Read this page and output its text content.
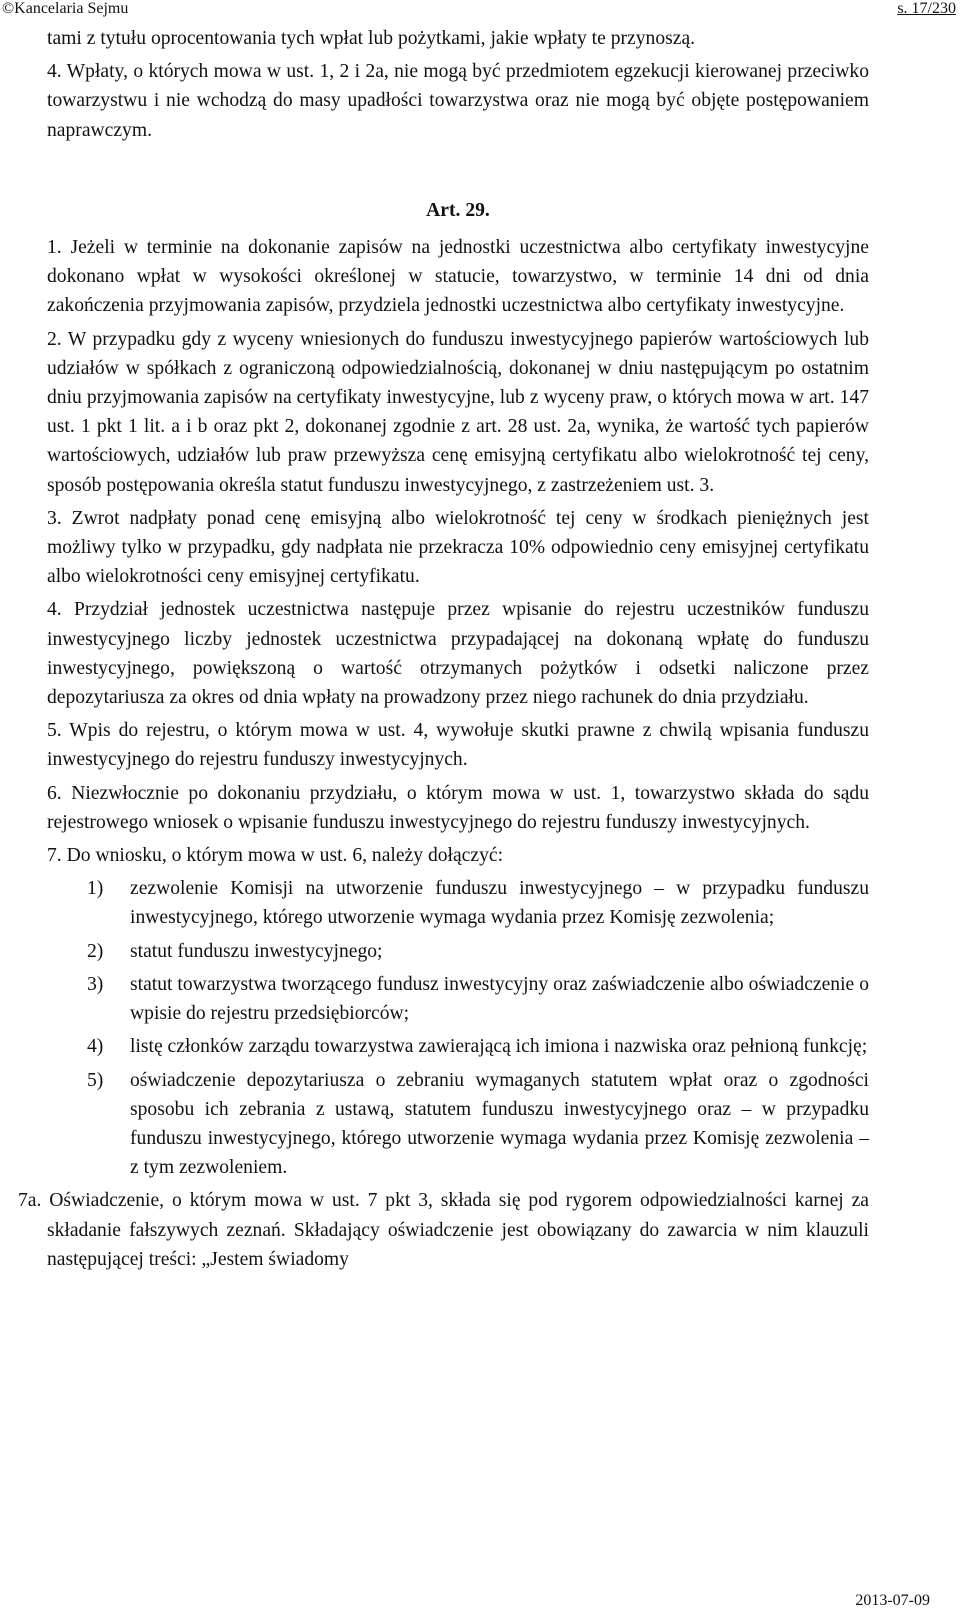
©Kancelaria Sejmu	s. 17/230

tami z tytułu oprocentowania tych wpłat lub pożytkami, jakie wpłaty te przynoszą.

4. Wpłaty, o których mowa w ust. 1, 2 i 2a, nie mogą być przedmiotem egzekucji kierowanej przeciwko towarzystwu i nie wchodzą do masy upadłości towarzystwa oraz nie mogą być objęte postępowaniem naprawczym.

Art. 29.

1. Jeżeli w terminie na dokonanie zapisów na jednostki uczestnictwa albo certyfikaty inwestycyjne dokonano wpłat w wysokości określonej w statucie, towarzystwo, w terminie 14 dni od dnia zakończenia przyjmowania zapisów, przydziela jednostki uczestnictwa albo certyfikaty inwestycyjne.

2. W przypadku gdy z wyceny wniesionych do funduszu inwestycyjnego papierów wartościowych lub udziałów w spółkach z ograniczoną odpowiedzialnością, dokonanej w dniu następującym po ostatnim dniu przyjmowania zapisów na certyfikaty inwestycyjne, lub z wyceny praw, o których mowa w art. 147 ust. 1 pkt 1 lit. a i b oraz pkt 2, dokonanej zgodnie z art. 28 ust. 2a, wynika, że wartość tych papierów wartościowych, udziałów lub praw przewyższa cenę emisyjną certyfikatu albo wielokrotność tej ceny, sposób postępowania określa statut funduszu inwestycyjnego, z zastrzeżeniem ust. 3.

3. Zwrot nadpłaty ponad cenę emisyjną albo wielokrotność tej ceny w środkach pieniężnych jest możliwy tylko w przypadku, gdy nadpłata nie przekracza 10% odpowiednio ceny emisyjnej certyfikatu albo wielokrotności ceny emisyjnej certyfikatu.

4. Przydział jednostek uczestnictwa następuje przez wpisanie do rejestru uczestników funduszu inwestycyjnego liczby jednostek uczestnictwa przypadającej na dokonaną wpłatę do funduszu inwestycyjnego, powiększoną o wartość otrzymanych pożytków i odsetki naliczone przez depozytariusza za okres od dnia wpłaty na prowadzony przez niego rachunek do dnia przydziału.

5. Wpis do rejestru, o którym mowa w ust. 4, wywołuje skutki prawne z chwilą wpisania funduszu inwestycyjnego do rejestru funduszy inwestycyjnych.

6. Niezwłocznie po dokonaniu przydziału, o którym mowa w ust. 1, towarzystwo składa do sądu rejestrowego wniosek o wpisanie funduszu inwestycyjnego do rejestru funduszy inwestycyjnych.

7. Do wniosku, o którym mowa w ust. 6, należy dołączyć:

1) zezwolenie Komisji na utworzenie funduszu inwestycyjnego – w przypadku funduszu inwestycyjnego, którego utworzenie wymaga wydania przez Komisję zezwolenia;
2) statut funduszu inwestycyjnego;
3) statut towarzystwa tworzącego fundusz inwestycyjny oraz zaświadczenie albo oświadczenie o wpisie do rejestru przedsiębiorców;
4) listę członków zarządu towarzystwa zawierającą ich imiona i nazwiska oraz pełnioną funkcję;
5) oświadczenie depozytariusza o zebraniu wymaganych statutem wpłat oraz o zgodności sposobu ich zebrania z ustawą, statutem funduszu inwestycyjnego oraz – w przypadku funduszu inwestycyjnego, którego utworzenie wymaga wydania przez Komisję zezwolenia – z tym zezwoleniem.

7a. Oświadczenie, o którym mowa w ust. 7 pkt 3, składa się pod rygorem odpowiedzialności karnej za składanie fałszywych zeznań. Składający oświadczenie jest obowiązany do zawarcia w nim klauzuli następującej treści: „Jestem świadomy

2013-07-09
